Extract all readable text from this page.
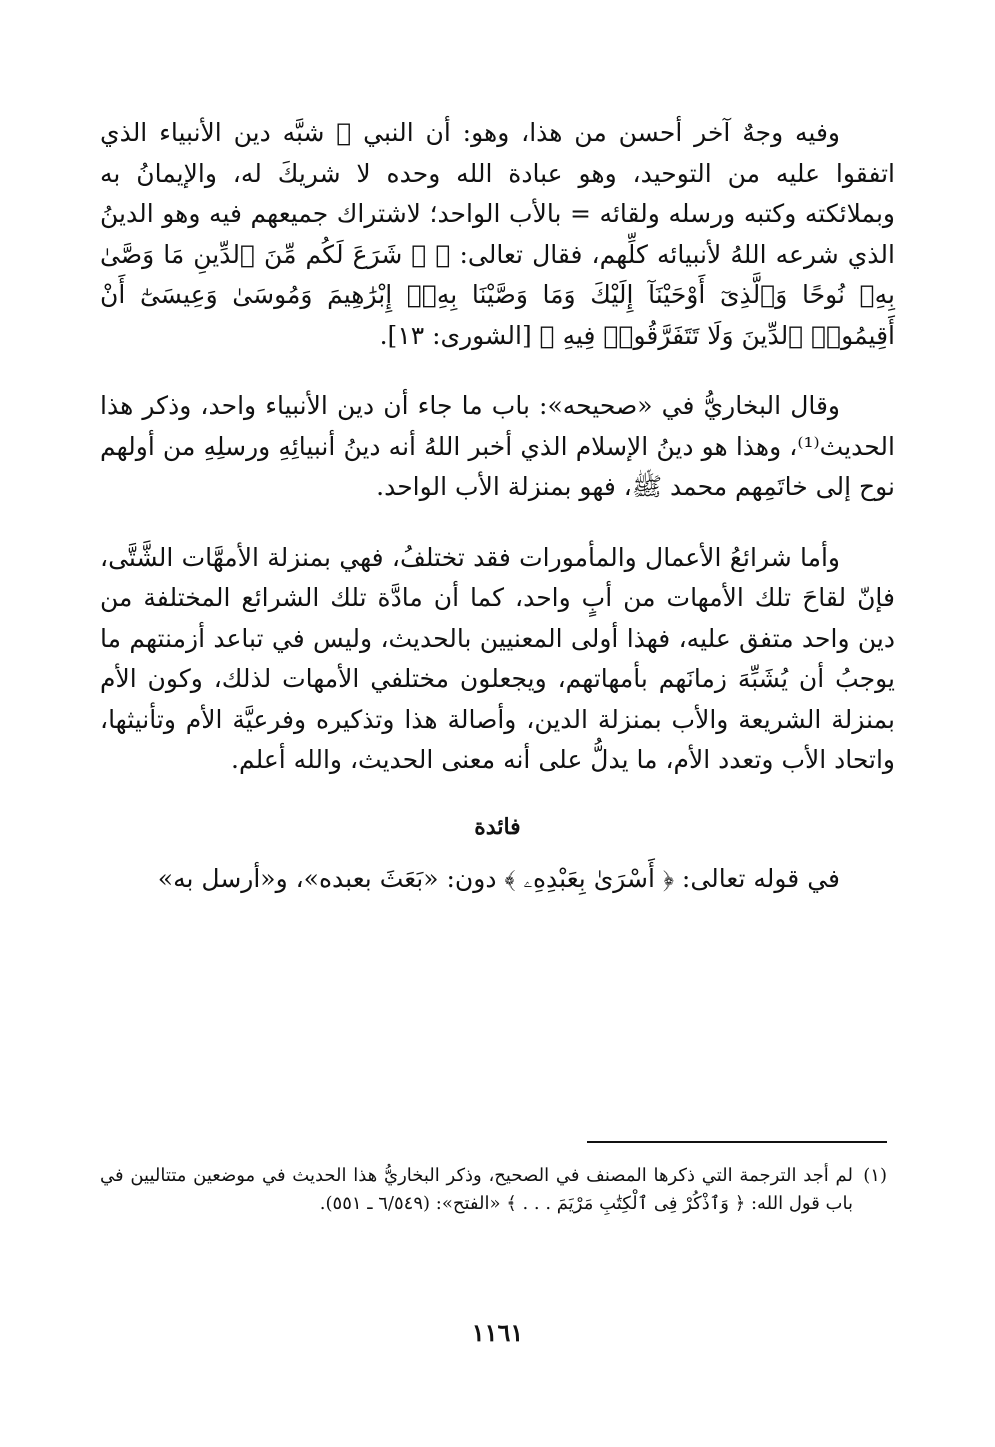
وفيه وجهٌ آخر أحسن من هذا، وهو: أن النبي ﷺ شبَّه دين الأنبياء الذي اتفقوا عليه من التوحيد، وهو عبادة الله وحده لا شريكَ له، والإيمانُ به وبملائكته وكتبه ورسله ولقائه = بالأب الواحد؛ لاشتراك جميعهم فيه وهو الدينُ الذي شرعه اللهُ لأنبيائه كلِّهم، فقال تعالى: ﴿ ۞ شَرَعَ لَكُم مِّنَ ٱلدِّينِ مَا وَصَّىٰ بِهِۦ نُوحًا وَٱلَّذِىٓ أَوْحَيْنَآ إِلَيْكَ وَمَا وَصَّيْنَا بِهِۦٓ إِبْرَٰهِيمَ وَمُوسَىٰ وَعِيسَىٰٓ أَنْ أَقِيمُوا۟ ٱلدِّينَ وَلَا تَتَفَرَّقُوا۟ فِيهِ ﴾ [الشورى: ١٣].

وقال البخاريُّ في «صحيحه»: باب ما جاء أن دين الأنبياء واحد، وذكر هذا الحديث⁽¹⁾، وهذا هو دينُ الإسلام الذي أخبر اللهُ أنه دينُ أنبيائِهِ ورسلِهِ من أولهم نوح إلى خاتَمِهم محمد ﷺ، فهو بمنزلة الأب الواحد.

وأما شرائعُ الأعمال والمأمورات فقد تختلفُ، فهي بمنزلة الأمهَّات الشَّتَّى، فإنّ لقاحَ تلك الأمهات من أبٍ واحد، كما أن مادَّة تلك الشرائع المختلفة من دين واحد متفق عليه، فهذا أولى المعنيين بالحديث، وليس في تباعد أزمنتهم ما يوجبُ أن يُشَبِّهَ زمانَهم بأمهاتهم، ويجعلون مختلفي الأمهات لذلك، وكون الأم بمنزلة الشريعة والأب بمنزلة الدين، وأصالة هذا وتذكيره وفرعيَّة الأم وتأنيثها، واتحاد الأب وتعدد الأم، ما يدلُّ على أنه معنى الحديث، والله أعلم.

فائدة

في قوله تعالى: ﴿ أَسْرَىٰ بِعَبْدِهِۦ ﴾ دون: «بَعَثَ بعبده»، و«أرسل به»

(١)
لم أجد الترجمة التي ذكرها المصنف في الصحيح، وذكر البخاريُّ هذا الحديث في موضعين متتاليين في باب قول الله: ﴿ وَٱذْكُرْ فِى ٱلْكِتَٰبِ مَرْيَمَ . . . ﴾ «الفتح»: (٦/٥٤٩ ـ ٥٥١).
١١٦١
